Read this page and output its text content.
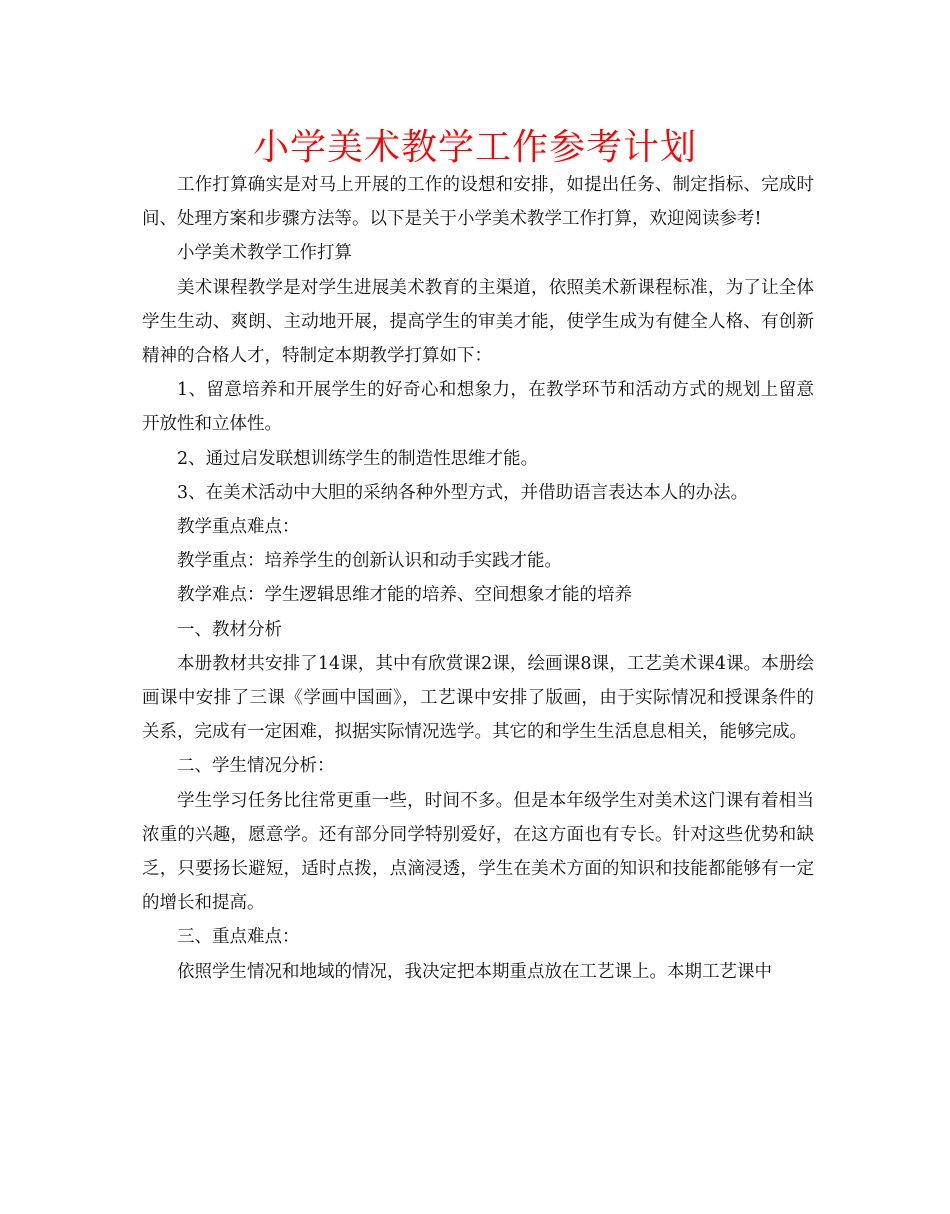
小学美术教学工作参考计划

工作打算确实是对马上开展的工作的设想和安排，如提出任务、制定指标、完成时间、处理方案和步骤方法等。以下是关于小学美术教学工作打算，欢迎阅读参考!

小学美术教学工作打算

美术课程教学是对学生进展美术教育的主渠道，依照美术新课程标准，为了让全体学生生动、爽朗、主动地开展，提高学生的审美才能，使学生成为有健全人格、有创新精神的合格人才，特制定本期教学打算如下：

1、留意培养和开展学生的好奇心和想象力，在教学环节和活动方式的规划上留意开放性和立体性。

2、通过启发联想训练学生的制造性思维才能。

3、在美术活动中大胆的采纳各种外型方式，并借助语言表达本人的办法。

教学重点难点：

教学重点：培养学生的创新认识和动手实践才能。

教学难点：学生逻辑思维才能的培养、空间想象才能的培养

一、教材分析

本册教材共安排了14课，其中有欣赏课2课，绘画课8课，工艺美术课4课。本册绘画课中安排了三课《学画中国画》，工艺课中安排了版画，由于实际情况和授课条件的关系，完成有一定困难，拟据实际情况选学。其它的和学生生活息息相关，能够完成。

二、学生情况分析：

学生学习任务比往常更重一些，时间不多。但是本年级学生对美术这门课有着相当浓重的兴趣，愿意学。还有部分同学特别爱好，在这方面也有专长。针对这些优势和缺乏，只要扬长避短，适时点拨，点滴浸透，学生在美术方面的知识和技能都能够有一定的增长和提高。

三、重点难点：

依照学生情况和地域的情况，我决定把本期重点放在工艺课上。本期工艺课中
